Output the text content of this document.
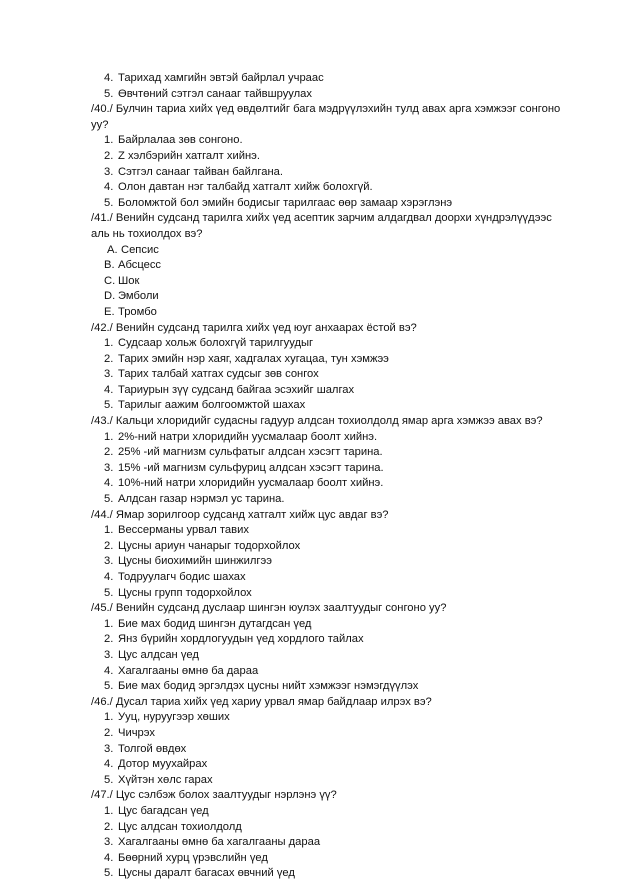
4. Тарихад хамгийн эвтэй байрлал учраас
5. Өвчтөний сэтгэл санааг тайвшруулах
/40./ Булчин тариа хийх үед өвдөлтийг бага мэдрүүлэхийн тулд авах арга хэмжээг сонгоно уу?
1. Байрлалаа зөв сонгоно.
2. Z хэлбэрийн хатгалт хийнэ.
3. Сэтгэл санааг тайван байлгана.
4. Олон давтан нэг талбайд хатгалт хийж болохгүй.
5. Боломжтой бол эмийн бодисыг тарилгаас өөр замаар хэрэглэнэ
/41./ Венийн судсанд тарилга хийх үед асептик зарчим алдагдвал доорхи хүндрэлүүдээс аль нь тохиолдох вэ?
A. Сепсис
B. Абсцесс
C. Шок
D. Эмболи
E. Тромбо
/42./ Венийн судсанд тарилга хийх үед юуг анхаарах ёстой вэ?
1. Судсаар хольж болохгүй тарилгуудыг
2. Тарих эмийн нэр хаяг, хадгалах хугацаа, тун хэмжээ
3. Тарих талбай хатгах судсыг зөв сонгох
4. Тариурын зүү судсанд байгаа эсэхийг шалгах
5. Тарилыг аажим болгоомжтой шахах
/43./ Кальци хлоридийг судасны гадуур алдсан тохиолдолд ямар арга хэмжээ авах вэ?
1. 2%-ний натри хлоридийн уусмалаар боолт хийнэ.
2. 25% -ий магнизм сульфатыг алдсан хэсэгт тарина.
3. 15% -ий магнизм сульфуриц алдсан хэсэгт тарина.
4. 10%-ний натри хлоридийн уусмалаар боолт хийнэ.
5. Алдсан газар нэрмэл ус тарина.
/44./ Ямар зорилгоор судсанд хатгалт хийж цус авдаг вэ?
1. Вессерманы урвал тавих
2. Цусны ариун чанарыг тодорхойлох
3. Цусны биохимийн шинжилгээ
4. Тодруулагч бодис шахах
5. Цусны групп тодорхойлох
/45./ Венийн судсанд дуслаар шингэн юулэх заалтуудыг сонгоно уу?
1. Бие мах бодид шингэн дутагдсан үед
2. Янз бүрийн хордлогуудын үед хордлого тайлах
3. Цус алдсан үед
4. Хагалгааны өмнө ба дараа
5. Бие мах бодид эргэлдэх цусны нийт хэмжээг нэмэгдүүлэх
/46./ Дусал тариа хийх үед хариу урвал ямар байдлаар илрэх вэ?
1. Ууц, нуруугээр хөших
2. Чичрэх
3. Толгой өвдөх
4. Дотор муухайрах
5. Хүйтэн хөлс гарах
/47./ Цус сэлбэж болох заалтуудыг нэрлэнэ үү?
1. Цус багадсан үед
2. Цус алдсан тохиолдолд
3. Хагалгааны өмнө ба хагалгааны дараа
4. Бөөрний хурц үрэвслийн үед
5. Цусны даралт багасах өвчний үед
